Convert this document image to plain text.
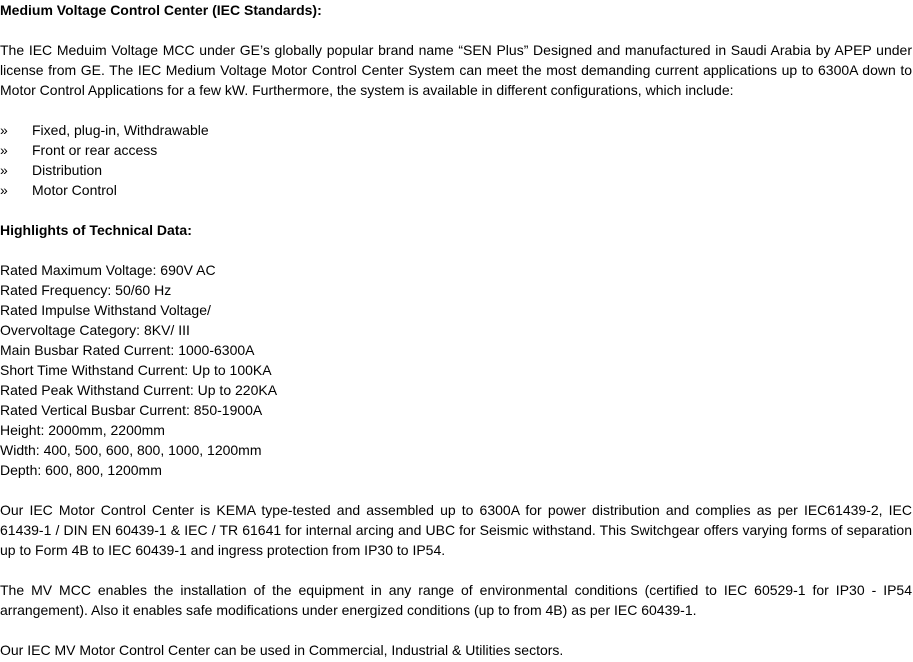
Medium Voltage Control Center (IEC Standards):

The IEC Meduim Voltage MCC under GE’s globally popular brand name “SEN Plus” Designed and manufactured in Saudi Arabia by APEP under license from GE. The IEC Medium Voltage Motor Control Center System can meet the most demanding current applications up to 6300A down to Motor Control Applications for a few kW. Furthermore, the system is available in different configurations, which include:

» Fixed, plug-in, Withdrawable
» Front or rear access
» Distribution
» Motor Control
Highlights of Technical Data:
Rated Maximum Voltage: 690V AC
Rated Frequency: 50/60 Hz
Rated Impulse Withstand Voltage/
Overvoltage Category: 8KV/ III
Main Busbar Rated Current: 1000-6300A
Short Time Withstand Current: Up to 100KA
Rated Peak Withstand Current: Up to 220KA
Rated Vertical Busbar Current: 850-1900A
Height: 2000mm, 2200mm
Width: 400, 500, 600, 800, 1000, 1200mm
Depth: 600, 800, 1200mm

Our IEC Motor Control Center is KEMA type-tested and assembled up to 6300A for power distribution and complies as per IEC61439-2, IEC 61439-1 / DIN EN 60439-1 & IEC / TR 61641 for internal arcing and UBC for Seismic withstand. This Switchgear offers varying forms of separation up to Form 4B to IEC 60439-1 and ingress protection from IP30 to IP54.

The MV MCC enables the installation of the equipment in any range of environmental conditions (certified to IEC 60529-1 for IP30 - IP54 arrangement). Also it enables safe modifications under energized conditions (up to from 4B) as per IEC 60439-1.

Our IEC MV Motor Control Center can be used in Commercial, Industrial & Utilities sectors.
